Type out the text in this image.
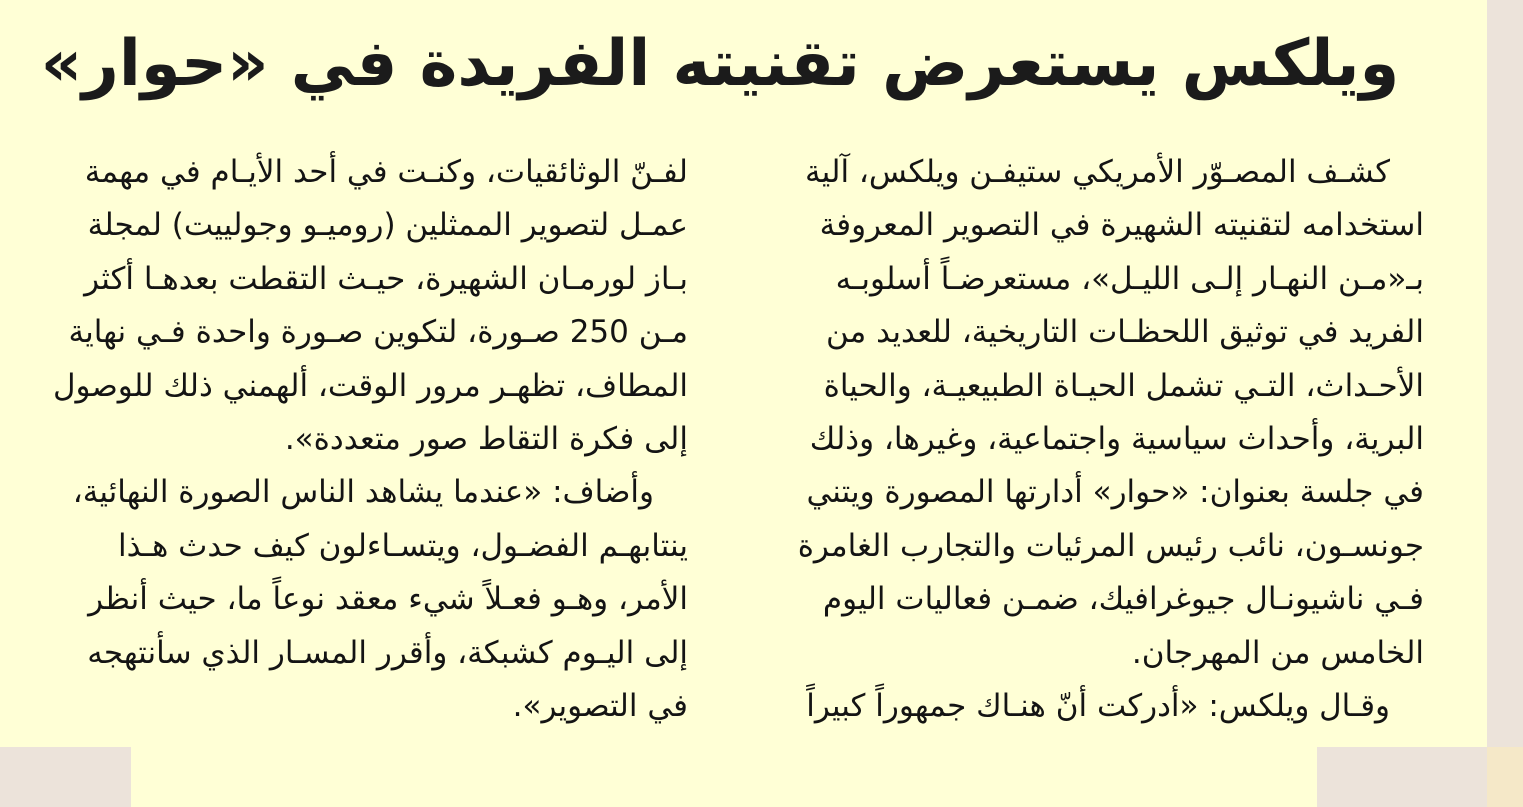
ويلكس يستعرض تقنيته الفريدة في «حوار»
كشـف المصـوّر الأمريكي ستيفـن ويلكس، آلية
استخدامه لتقنيته الشهيرة في التصوير المعروفة
بـ«مـن النهـار إلـى الليـل»، مستعرضـاً أسلوبـه
الفريد في توثيق اللحظـات التاريخية، للعديد من
الأحـداث، التـي تشمل الحيـاة الطبيعيـة، والحياة
البرية، وأحداث سياسية واجتماعية، وغيرها، وذلك
في جلسة بعنوان: «حوار» أدارتها المصورة ويتني
جونسـون، نائب رئيس المرئيات والتجارب الغامرة
فـي ناشيونـال جيوغرافيك، ضمـن فعاليات اليوم
الخامس من المهرجان.
وقـال ويلكس: «أدركت أنّ هنـاك جمهوراً كبيراً
لفـنّ الوثائقيات، وكنـت في أحد الأيـام في مهمة
عمـل لتصوير الممثلين (روميـو وجولييت) لمجلة
بـاز لورمـان الشهيرة، حيـث التقطت بعدهـا أكثر
مـن 250 صـورة، لتكوين صـورة واحدة فـي نهاية
المطاف، تظهـر مرور الوقت، ألهمني ذلك للوصول
إلى فكرة التقاط صور متعددة».
وأضاف: «عندما يشاهد الناس الصورة النهائية،
ينتابهـم الفضـول، ويتسـاءلون كيف حدث هـذا
الأمر، وهـو فعـلاً شيء معقد نوعاً ما، حيث أنظر
إلى اليـوم كشبكة، وأقرر المسـار الذي سأنتهجه
في التصوير».
